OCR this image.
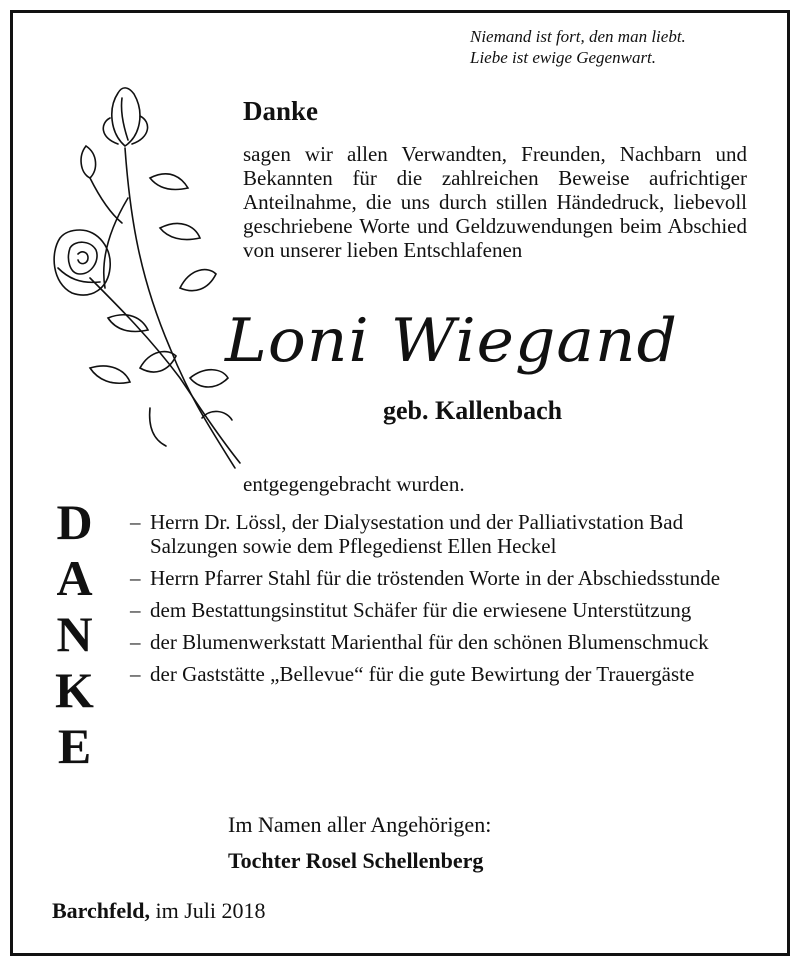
Niemand ist fort, den man liebt.
Liebe ist ewige Gegenwart.
Danke
sagen wir allen Verwandten, Freunden, Nachbarn und Bekannten für die zahlreichen Beweise aufrichtiger Anteilnahme, die uns durch stillen Händedruck, liebevoll geschriebene Worte und Geldzuwendungen beim Abschied von unserer lieben Entschlafenen
Loni Wiegand
geb. Kallenbach
entgegengebracht wurden.
D
A
N
K
E
– Herrn Dr. Lössl, der Dialysestation und der Palliativstation Bad Salzungen sowie dem Pflegedienst Ellen Heckel
– Herrn Pfarrer Stahl für die tröstenden Worte in der Abschiedsstunde
– dem Bestattungsinstitut Schäfer für die erwiesene Unterstützung
– der Blumenwerkstatt Marienthal für den schönen Blumenschmuck
– der Gaststätte „Bellevue“ für die gute Bewirtung der Trauergäste
Im Namen aller Angehörigen:
Tochter Rosel Schellenberg
Barchfeld, im Juli 2018
